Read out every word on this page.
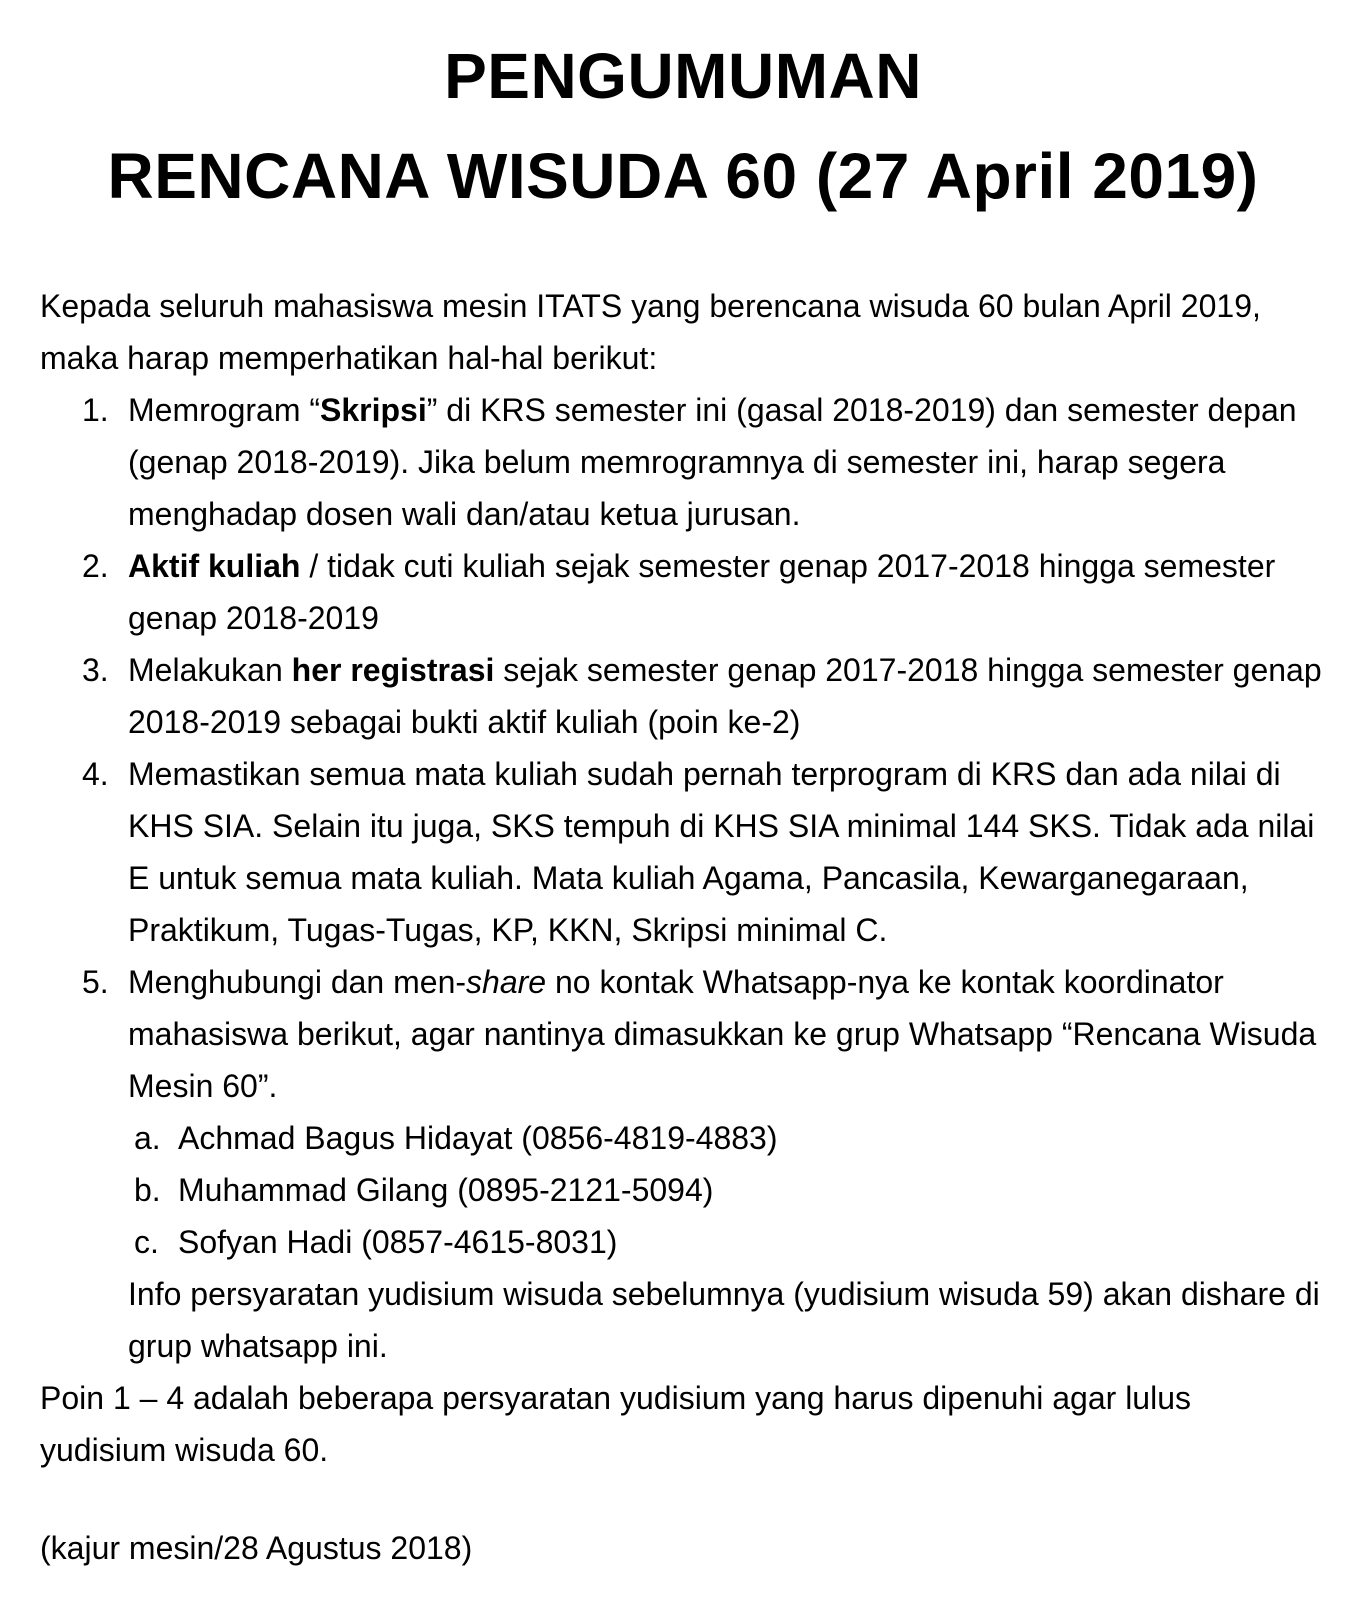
PENGUMUMAN
RENCANA WISUDA 60 (27 April 2019)

Kepada seluruh mahasiswa mesin ITATS yang berencana wisuda 60 bulan April 2019, maka harap memperhatikan hal-hal berikut:

1. Memrogram “Skripsi” di KRS semester ini (gasal 2018-2019) dan semester depan (genap 2018-2019). Jika belum memrogramnya di semester ini, harap segera menghadap dosen wali dan/atau ketua jurusan.
2. Aktif kuliah / tidak cuti kuliah sejak semester genap 2017-2018 hingga semester genap 2018-2019
3. Melakukan her registrasi sejak semester genap 2017-2018 hingga semester genap 2018-2019 sebagai bukti aktif kuliah (poin ke-2)
4. Memastikan semua mata kuliah sudah pernah terprogram di KRS dan ada nilai di KHS SIA. Selain itu juga, SKS tempuh di KHS SIA minimal 144 SKS. Tidak ada nilai E untuk semua mata kuliah. Mata kuliah Agama, Pancasila, Kewarganegaraan, Praktikum, Tugas-Tugas, KP, KKN, Skripsi minimal C.
5. Menghubungi dan men-share no kontak Whatsapp-nya ke kontak koordinator mahasiswa berikut, agar nantinya dimasukkan ke grup Whatsapp “Rencana Wisuda Mesin 60”.
a. Achmad Bagus Hidayat (0856-4819-4883)
b. Muhammad Gilang (0895-2121-5094)
c. Sofyan Hadi (0857-4615-8031)
Info persyaratan yudisium wisuda sebelumnya (yudisium wisuda 59) akan dishare di grup whatsapp ini.

Poin 1 – 4 adalah beberapa persyaratan yudisium yang harus dipenuhi agar lulus yudisium wisuda 60.

(kajur mesin/28 Agustus 2018)
